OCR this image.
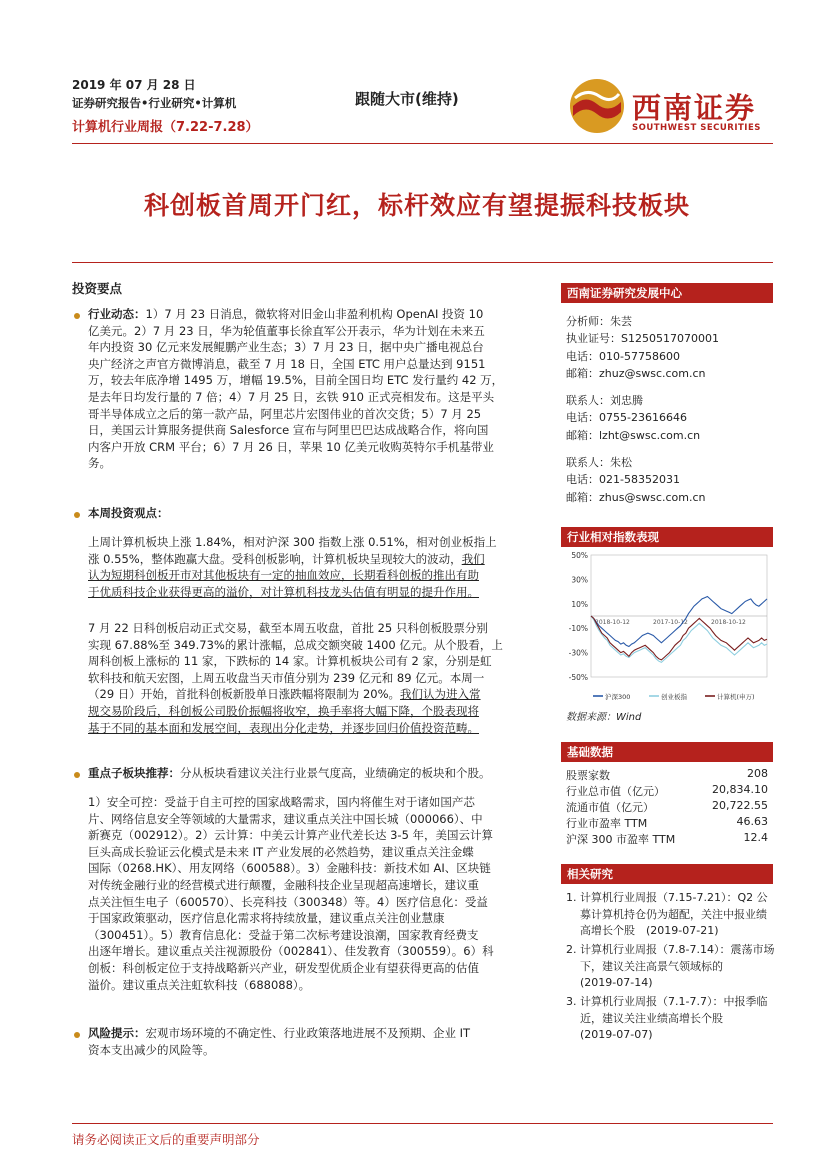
2019 年 07 月 28 日
证券研究报告•行业研究•计算机
计算机行业周报（7.22-7.28）
跟随大市(维持)	西南证券
SOUTHWEST SECURITIES
科创板首周开门红，标杆效应有望提振科技板块
投资要点
行业动态：1）7 月 23 日消息，微软将对旧金山非盈利机构 OpenAI 投资 10
亿美元。2）7 月 23 日，华为轮值董事长徐直军公开表示，华为计划在未来五
年内投资 30 亿元来发展鲲鹏产业生态；3）7 月 23 日，据中央广播电视总台
央广经济之声官方微博消息，截至 7 月 18 日，全国 ETC 用户总量达到 9151
万，较去年底净增 1495 万，增幅 19.5%，目前全国日均 ETC 发行量约 42 万，
是去年日均发行量的 7 倍；4）7 月 25 日，玄铁 910 正式亮相发布。这是平头
哥半导体成立之后的第一款产品，阿里芯片宏图伟业的首次交货；5）7 月 25
日，美国云计算服务提供商 Salesforce 宣布与阿里巴巴达成战略合作，将向国
内客户开放 CRM 平台；6）7 月 26 日，苹果 10 亿美元收购英特尔手机基带业
务。
本周投资观点：
上周计算机板块上涨 1.84%，相对沪深 300 指数上涨 0.51%，相对创业板指上
涨 0.55%，整体跑赢大盘。受科创板影响，计算机板块呈现较大的波动，我们
认为短期科创板开市对其他板块有一定的抽血效应，长期看科创板的推出有助
于优质科技企业获得更高的溢价，对计算机科技龙头估值有明显的提升作用。
7 月 22 日科创板启动正式交易，截至本周五收盘，首批 25 只科创板股票分别
实现 67.88%至 349.73%的累计涨幅，总成交额突破 1400 亿元。从个股看，上
周科创板上涨标的 11 家，下跌标的 14 家。计算机板块公司有 2 家，分别是虹
软科技和航天宏图，上周五收盘当天市值分别为 239 亿元和 89 亿元。本周一
（29 日）开始，首批科创板新股单日涨跌幅将限制为 20%。我们认为进入常
规交易阶段后，科创板公司股价振幅将收窄，换手率将大幅下降，个股表现将
基于不同的基本面和发展空间，表现出分化走势，并逐步回归价值投资范畴。
重点子板块推荐：分从板块看建议关注行业景气度高，业绩确定的板块和个股。
1）安全可控：受益于自主可控的国家战略需求，国内将催生对于诸如国产芯
片、网络信息安全等领域的大量需求，建议重点关注中国长城（000066）、中
新赛克（002912）。2）云计算：中美云计算产业代差长达 3-5 年，美国云计算
巨头高成长验证云化模式是未来 IT 产业发展的必然趋势，建议重点关注金蝶
国际（0268.HK）、用友网络（600588）。3）金融科技：新技术如 AI、区块链
对传统金融行业的经营模式进行颠覆，金融科技企业呈现超高速增长，建议重
点关注恒生电子（600570）、长亮科技（300348）等。4）医疗信息化：受益
于国家政策驱动，医疗信息化需求将持续放量，建议重点关注创业慧康
（300451）。5）教育信息化：受益于第二次标考建设浪潮，国家教育经费支
出逐年增长。建议重点关注视源股份（002841）、佳发教育（300559）。6）科
创板：科创板定位于支持战略新兴产业，研发型优质企业有望获得更高的估值
溢价。建议重点关注虹软科技（688088）。
风险提示：宏观市场环境的不确定性、行业政策落地进展不及预期、企业 IT
资本支出减少的风险等。
西南证券研究发展中心
分析师：朱芸
执业证号：S1250517070001
电话：010-57758600
邮箱：zhuz@swsc.com.cn
联系人：刘忠腾
电话：0755-23616646
邮箱：lzht@swsc.com.cn
联系人：朱松
电话：021-58352031
邮箱：zhus@swsc.com.cn
行业相对指数表现
50%
30%
10%
-10%
-30%
-50%
2018-10-12	2017-10-12	2018-10-12
沪深300	创业板指	计算机(申万)
数据来源：Wind
基础数据
股票家数	208
行业总市值（亿元）	20,834.10
流通市值（亿元）	20,722.55
行业市盈率 TTM	46.63
沪深 300 市盈率 TTM	12.4
相关研究
1. 计算机行业周报（7.15-7.21）：Q2 公
募计算机持仓仍为超配，关注中报业绩
高增长个股　(2019-07-21)
2. 计算机行业周报（7.8-7.14）：震荡市场
下，建议关注高景气领域标的
(2019-07-14)
3. 计算机行业周报（7.1-7.7）：中报季临
近，建议关注业绩高增长个股
(2019-07-07)
请务必阅读正文后的重要声明部分
